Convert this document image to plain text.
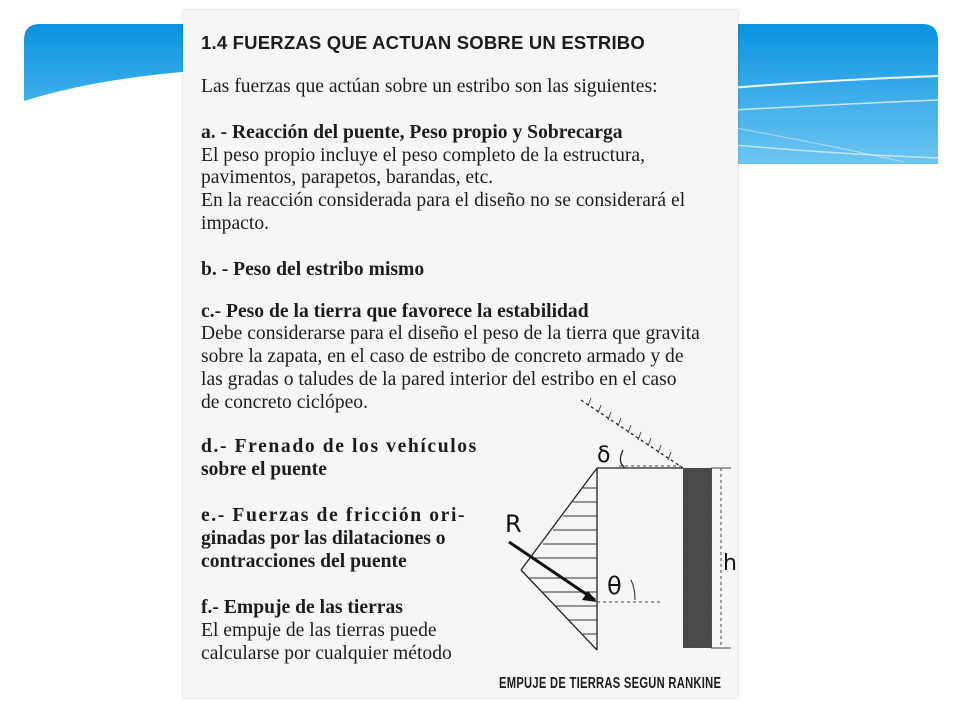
1.4 FUERZAS QUE ACTUAN SOBRE UN ESTRIBO
Las fuerzas que actúan sobre un estribo son las siguientes:
a. - Reacción del puente, Peso propio y Sobrecarga
El peso propio incluye el peso completo de la estructura,
pavimentos, parapetos, barandas, etc.
En la reacción considerada para el diseño no se considerará el
impacto.
b. - Peso del estribo mismo
c.- Peso de la tierra que favorece la estabilidad
Debe considerarse para el diseño el peso de la tierra que gravita
sobre la zapata, en el caso de estribo de concreto armado y de
las gradas o taludes de la pared interior del estribo en el caso
de concreto ciclópeo.
d.- Frenado de los vehículos
sobre el puente
e.- Fuerzas de fricción ori-
ginadas por las dilataciones o
contracciones del puente
f.- Empuje de las tierras
El empuje de las tierras puede
calcularse por cualquier método
δ
R
θ
h
EMPUJE DE TIERRAS SEGUN RANKINE
